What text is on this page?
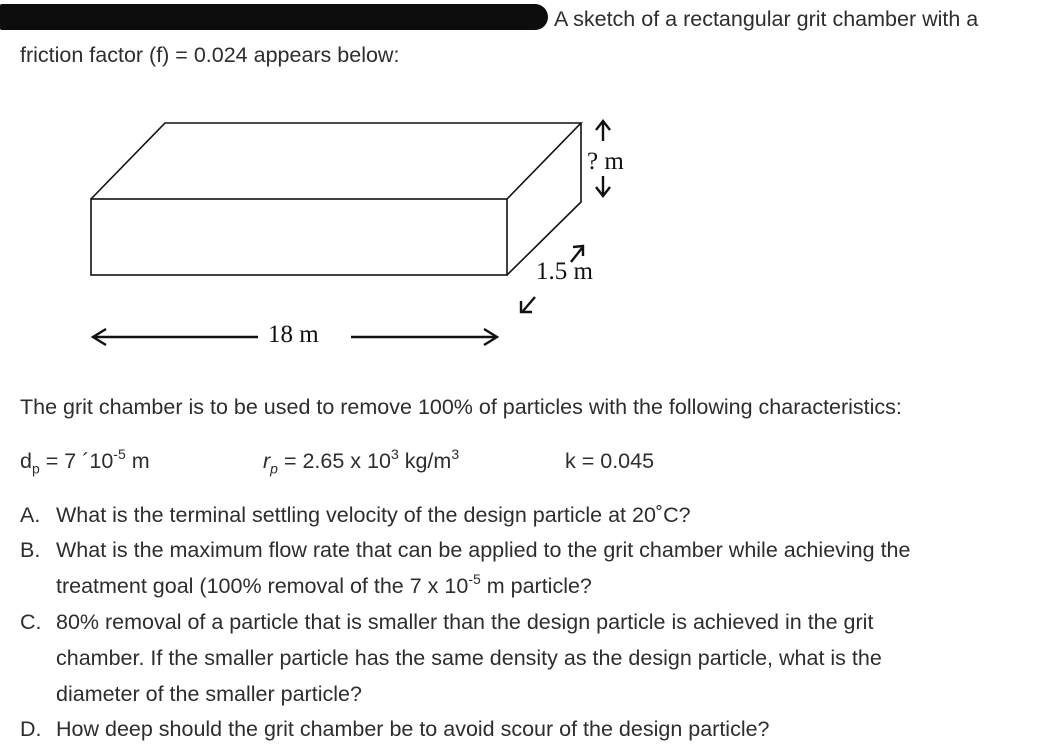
A sketch of a rectangular grit chamber with a
friction factor (f) = 0.024 appears below:
? m
1.5 m
18 m
The grit chamber is to be used to remove 100% of particles with the following characteristics:
$d_p = 7$ $´10^{-5}$ m	$r_p = 2.65$ x $10^3$ $kg/m^3$	k = 0.045
A. What is the terminal settling velocity of the design particle at 20˚C?
B. What is the maximum flow rate that can be applied to the grit chamber while achieving the
treatment goal (100% removal of the 7 x $10^{-5}$ m particle?
C. 80% removal of a particle that is smaller than the design particle is achieved in the grit
chamber. If the smaller particle has the same density as the design particle, what is the
diameter of the smaller particle?
D. How deep should the grit chamber be to avoid scour of the design particle?
